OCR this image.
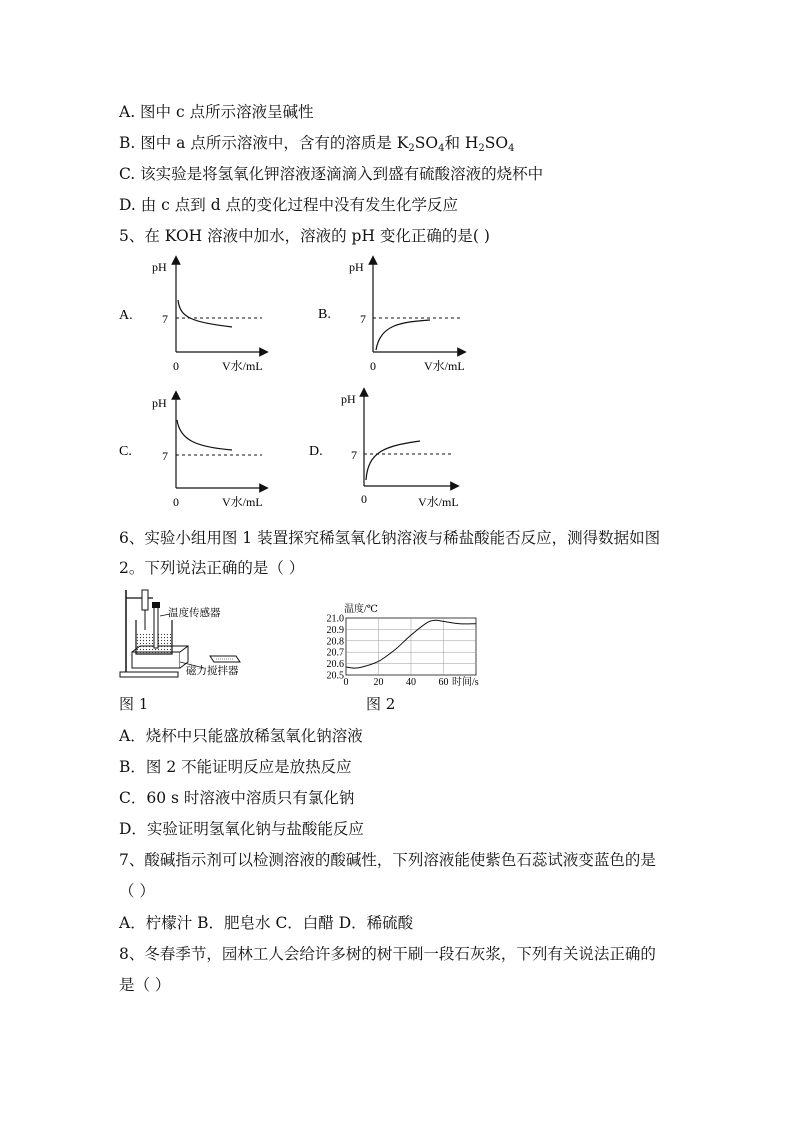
A. 图中 c 点所示溶液呈碱性
B. 图中 a 点所示溶液中，含有的溶质是 $K_2SO_4$和 $H_2SO_4$
C. 该实验是将氢氧化钾溶液逐滴滴入到盛有硫酸溶液的烧杯中
D. 由 c 点到 d 点的变化过程中没有发生化学反应
5、在 KOH 溶液中加水，溶液的 pH 变化正确的是( )
pH
7
0	V水/mL
A.
pH
7
0	V水/mL
B.
pH
7
0	V水/mL
C.
pH
7
0	V水/mL
D.
6、实验小组用图 1 装置探究稀氢氧化钠溶液与稀盐酸能否反应，测得数据如图
2。下列说法正确的是（ ）
温度传感器
磁力搅拌器
图 1
温度/℃
时间/s
21.0
20.9
20.8
20.7
20.6
20.5
0	20 40 60
图 2
A．烧杯中只能盛放稀氢氧化钠溶液
B．图 2 不能证明反应是放热反应
C．60 s 时溶液中溶质只有氯化钠
D．实验证明氢氧化钠与盐酸能反应
7、酸碱指示剂可以检测溶液的酸碱性，下列溶液能使紫色石蕊试液变蓝色的是
（ ）
A．柠檬汁 B．肥皂水 C．白醋 D．稀硫酸
8、冬春季节，园林工人会给许多树的树干刷一段石灰浆，下列有关说法正确的
是（ ）
